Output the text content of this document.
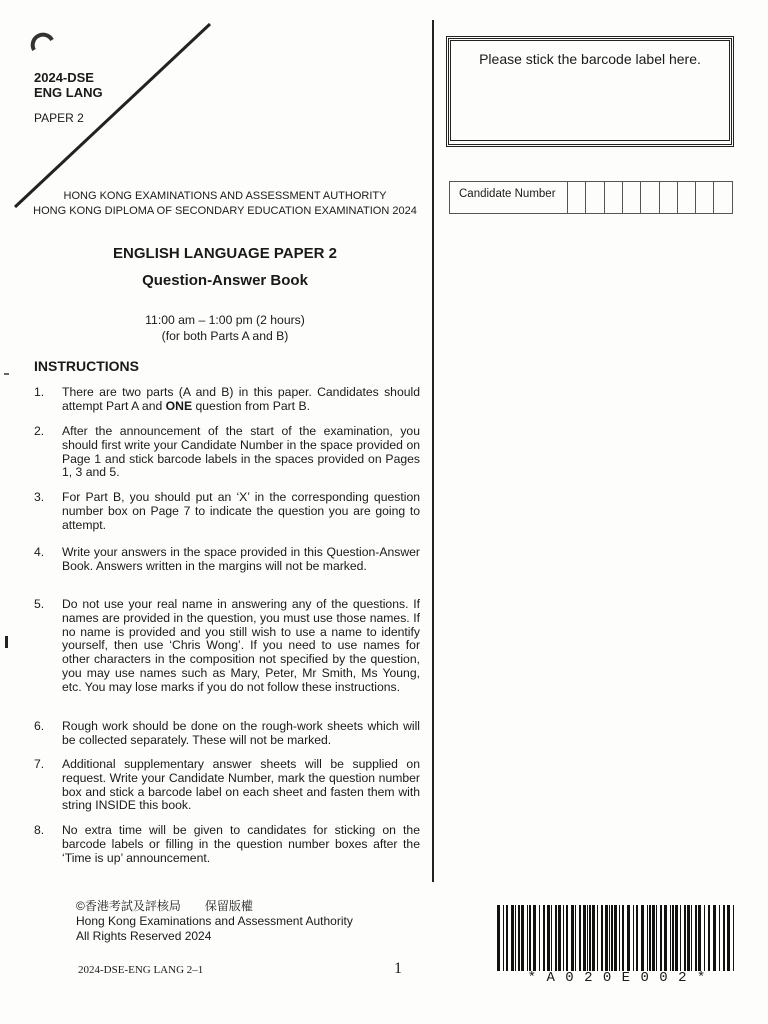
2024-DSE
ENG LANG
PAPER 2
HONG KONG EXAMINATIONS AND ASSESSMENT AUTHORITY
HONG KONG DIPLOMA OF SECONDARY EDUCATION EXAMINATION 2024
ENGLISH LANGUAGE PAPER 2
Question-Answer Book
11:00 am – 1:00 pm (2 hours)
(for both Parts A and B)
INSTRUCTIONS
1. There are two parts (A and B) in this paper. Candidates should attempt Part A and ONE question from Part B.
2. After the announcement of the start of the examination, you should first write your Candidate Number in the space provided on Page 1 and stick barcode labels in the spaces provided on Pages 1, 3 and 5.
3. For Part B, you should put an ‘X’ in the corresponding question number box on Page 7 to indicate the question you are going to attempt.
4. Write your answers in the space provided in this Question-Answer Book. Answers written in the margins will not be marked.
5. Do not use your real name in answering any of the questions. If names are provided in the question, you must use those names. If no name is provided and you still wish to use a name to identify yourself, then use ‘Chris Wong’. If you need to use names for other characters in the composition not specified by the question, you may use names such as Mary, Peter, Mr Smith, Ms Young, etc. You may lose marks if you do not follow these instructions.
6. Rough work should be done on the rough-work sheets which will be collected separately. These will not be marked.
7. Additional supplementary answer sheets will be supplied on request. Write your Candidate Number, mark the question number box and stick a barcode label on each sheet and fasten them with string INSIDE this book.
8. No extra time will be given to candidates for sticking on the barcode labels or filling in the question number boxes after the ‘Time is up’ announcement.
Please stick the barcode label here.
Candidate Number
©香港考試及評核局　　保留版權
Hong Kong Examinations and Assessment Authority
All Rights Reserved 2024
2024-DSE-ENG LANG 2–1	1
* A 0 2 0 E 0 0 2 *
